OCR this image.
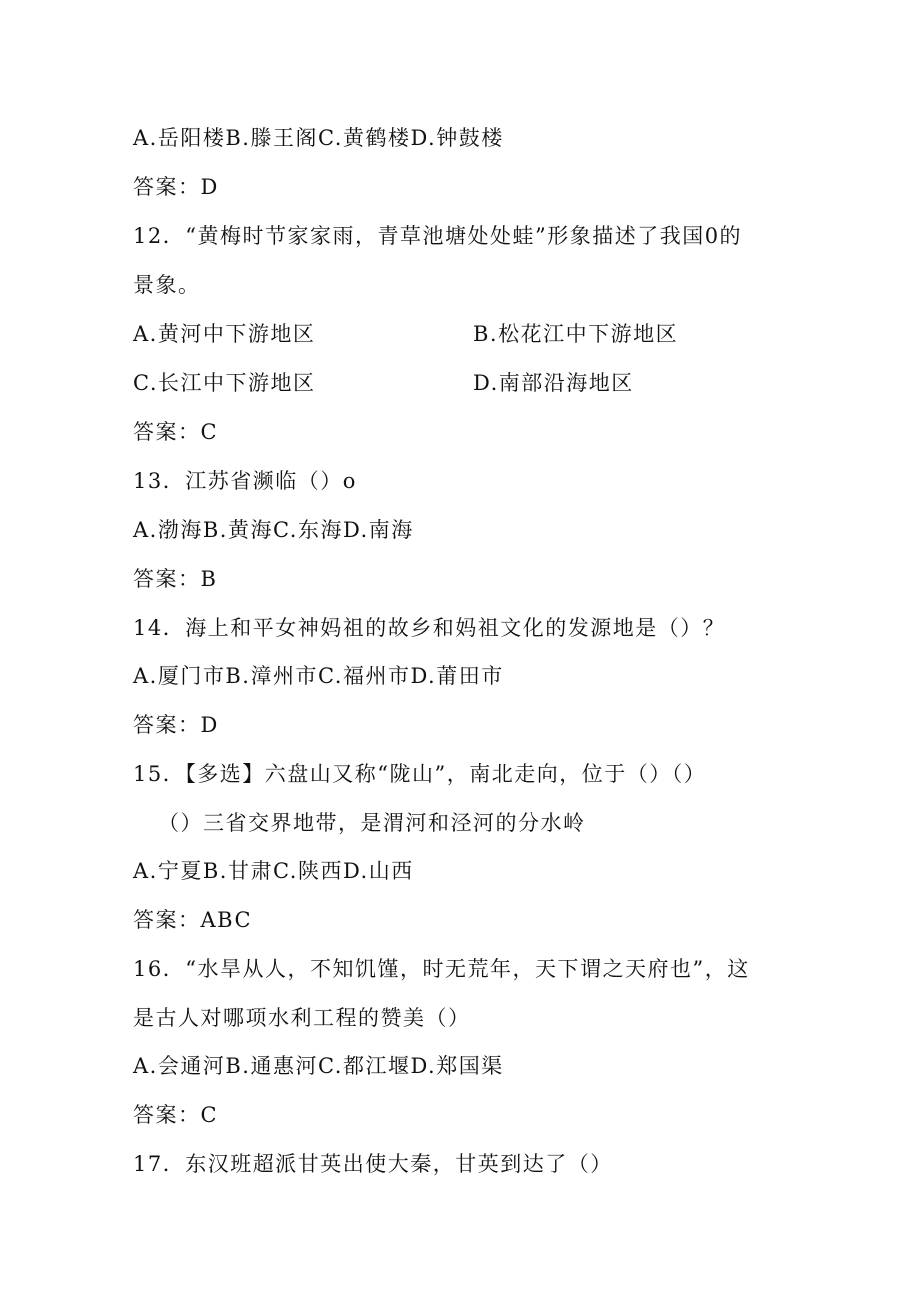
A.岳阳楼B.滕王阁C.黄鹤楼D.钟鼓楼
答案：D
12．“黄梅时节家家雨，青草池塘处处蛙”形象描述了我国0的
景象。
A.黄河中下游地区	B.松花江中下游地区
C.长江中下游地区	D.南部沿海地区
答案：C
13．江苏省濒临（）o
A.渤海B.黄海C.东海D.南海
答案：B
14．海上和平女神妈祖的故乡和妈祖文化的发源地是（）？
A.厦门市B.漳州市C.福州市D.莆田市
答案：D
15．【多选】六盘山又称“陇山”，南北走向，位于（）（）
（）三省交界地带，是渭河和泾河的分水岭
A.宁夏B.甘肃C.陕西D.山西
答案：ABC
16．“水旱从人，不知饥馑，时无荒年，天下谓之天府也”，这
是古人对哪项水利工程的赞美（）
A.会通河B.通惠河C.都江堰D.郑国渠
答案：C
17．东汉班超派甘英出使大秦，甘英到达了（）
